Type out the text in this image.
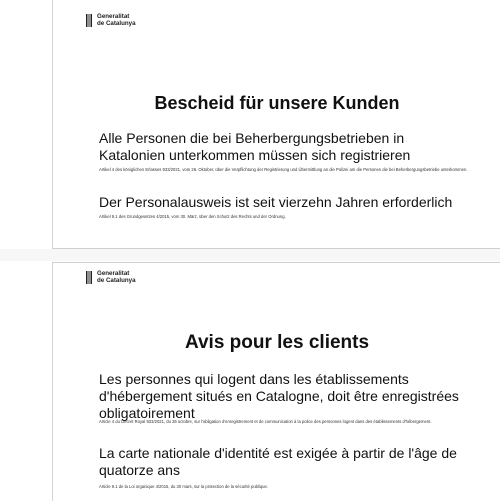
Generalitat
de Catalunya
Bescheid für unsere Kunden
Alle Personen die bei Beherbergungsbetrieben in Katalonien unterkommen müssen sich registrieren
Artikel 4 des königlichen Erlasses 933/2021, vom 26. Oktober, über die Verpflichtung der Registrierung und Übermittlung an die Polizei am die Personen die bei Beherbergungsbetriebe unterkommen.
Der Personalausweis ist seit vierzehn Jahren erforderlich
Artikel 9.1 des Grundgesetzes 4/2015, vom 30. März, über den Schutz des Rechts und der Ordnung.
Generalitat
de Catalunya
Avis pour les clients
Les personnes qui logent dans les établissements d'hébergement situés en Catalogne, doit être enregistrées obligatoirement
Article 4 du Décret Royal 933/2021, du 26 octobre, sur l'obligation d'enregistrement et de communication à la police des personnes logent dans des établissements d'hébergement.
La carte nationale d'identité est exigée à partir de l'âge de quatorze ans
Article 9.1 de la Loi organique 4/2015, du 30 mars, sur la protection de la sécurité publique.
